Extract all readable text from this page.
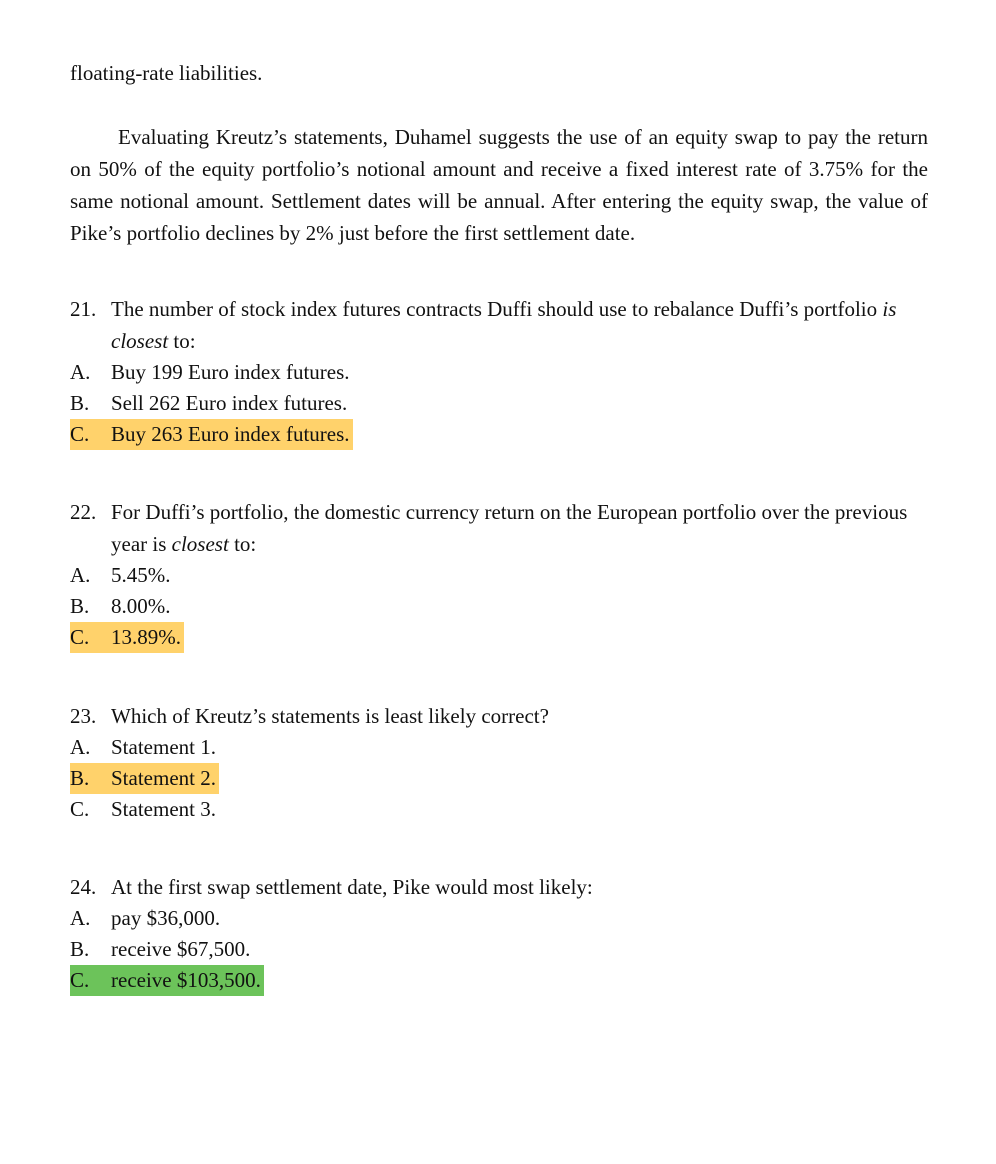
floating-rate liabilities.
Evaluating Kreutz’s statements, Duhamel suggests the use of an equity swap to pay the return on 50% of the equity portfolio’s notional amount and receive a fixed interest rate of 3.75% for the same notional amount. Settlement dates will be annual. After entering the equity swap, the value of Pike’s portfolio declines by 2% just before the first settlement date.
21. The number of stock index futures contracts Duffi should use to rebalance Duffi’s portfolio is closest to:
A. Buy 199 Euro index futures.
B.	Sell 262 Euro index futures.
C.	Buy 263 Euro index futures.
22. For Duffi’s portfolio, the domestic currency return on the European portfolio over the previous year is closest to:
A. 5.45%.
B.	8.00%.
C.	13.89%.
23. Which of Kreutz’s statements is least likely correct?
A. Statement 1.
B.	Statement 2.
C.	Statement 3.
24. At the first swap settlement date, Pike would most likely:
A. pay $36,000.
B.	receive $67,500.
C.	receive $103,500.
